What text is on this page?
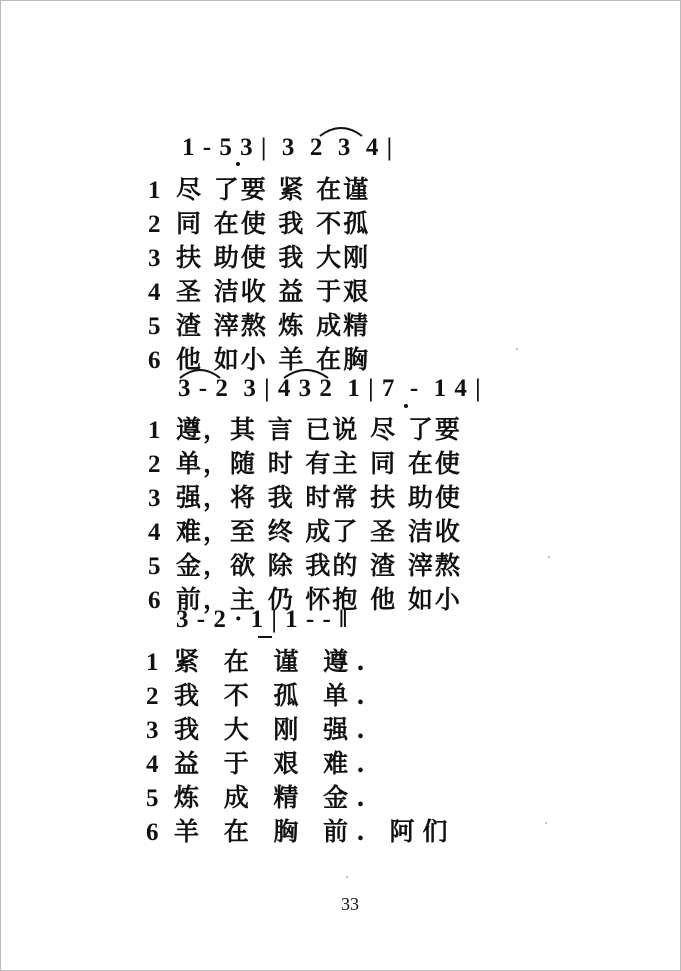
1 - 5 3 |  3  2  3  4 |
1 尽 了要 紧 在谨
2 同 在使 我 不孤
3 扶 助使 我 大刚
4 圣 洁收 益 于艰
5 渣 滓熬 炼 成精
6 他 如小 羊 在胸
3 - 2  3 | 4 3 2  1 | 7  -  1 4 |
1 遵，其 言 已说 尽 了要
2 单，随 时 有主 同 在使
3 强，将 我 时常 扶 助使
4 难，至 终 成了 圣 洁收
5 金，欲 除 我的 渣 滓熬
6 前，主 仍 怀抱 他 如小
3 - 2 · 1 | 1 - - ‖
1 紧 在 谨 遵.
2 我 不 孤 单.
3 我 大 刚 强.
4 益 于 艰 难.
5 炼 成 精 金.
6 羊 在 胸 前. 阿们
33
